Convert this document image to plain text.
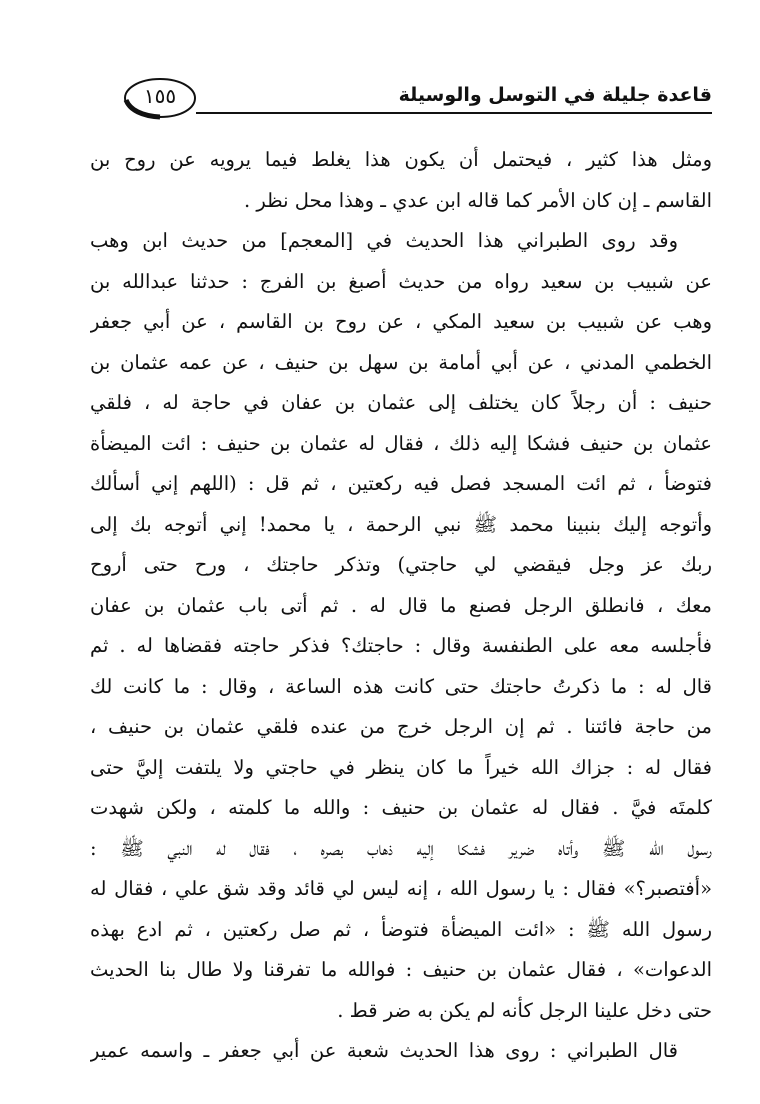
قاعدة جليلة في التوسل والوسيلة
١٥٥
ومثل هذا كثير ، فيحتمل أن يكون هذا يغلط فيما يرويه عن روح بن
القاسم ـ إن كان الأمر كما قاله ابن عدي ـ وهذا محل نظر .
وقد روى الطبراني هذا الحديث في [المعجم] من حديث ابن وهب
عن شبيب بن سعيد رواه من حديث أصبغ بن الفرج : حدثنا عبدالله بن
وهب عن شبيب بن سعيد المكي ، عن روح بن القاسم ، عن أبي جعفر
الخطمي المدني ، عن أبي أمامة بن سهل بن حنيف ، عن عمه عثمان بن
حنيف : أن رجلاً كان يختلف إلى عثمان بن عفان في حاجة له ، فلقي
عثمان بن حنيف فشكا إليه ذلك ، فقال له عثمان بن حنيف : ائت الميضأة
فتوضأ ، ثم ائت المسجد فصل فيه ركعتين ، ثم قل : (اللهم إني أسألك
وأتوجه إليك بنبينا محمد ﷺ نبي الرحمة ، يا محمد! إني أتوجه بك إلى
ربك عز وجل فيقضي لي حاجتي) وتذكر حاجتك ، ورح حتى أروح
معك ، فانطلق الرجل فصنع ما قال له . ثم أتى باب عثمان بن عفان
فأجلسه معه على الطنفسة وقال : حاجتك؟ فذكر حاجته فقضاها له . ثم
قال له : ما ذكرتُ حاجتك حتى كانت هذه الساعة ، وقال : ما كانت لك
من حاجة فائتنا . ثم إن الرجل خرج من عنده فلقي عثمان بن حنيف ،
فقال له : جزاك الله خيراً ما كان ينظر في حاجتي ولا يلتفت إليَّ حتى
كلمتَه فيَّ . فقال له عثمان بن حنيف : والله ما كلمته ، ولكن شهدت
رسول الله ﷺ وأتاه ضرير فشكا إليه ذهاب بصره ، فقال له النبي ﷺ :
«أفتصبر؟» فقال : يا رسول الله ، إنه ليس لي قائد وقد شق علي ، فقال له
رسول الله ﷺ : «ائت الميضأة فتوضأ ، ثم صل ركعتين ، ثم ادع بهذه
الدعوات» ، فقال عثمان بن حنيف : فوالله ما تفرقنا ولا طال بنا الحديث
حتى دخل علينا الرجل كأنه لم يكن به ضر قط .
قال الطبراني : روى هذا الحديث شعبة عن أبي جعفر ـ واسمه عمير
